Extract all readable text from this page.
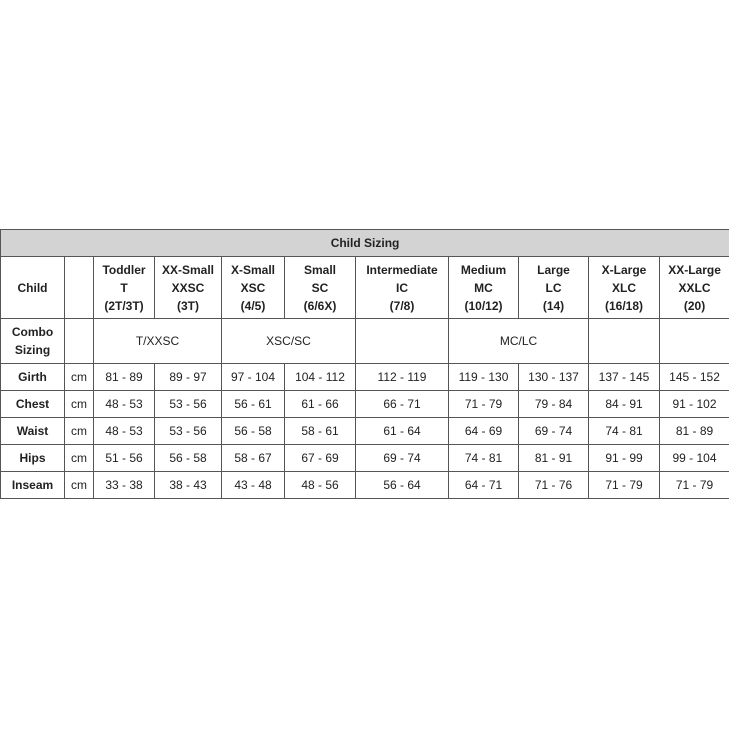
Child Sizing										
Child		Toddler
T
(2T/3T)	XX-Small
XXSC
(3T)	X-Small
XSC
(4/5)	Small
SC
(6/6X)	Intermediate
IC
(7/8)	Medium
MC
(10/12)	Large
LC
(14)	X-Large
XLC
(16/18)	XX-Large
XXLC
(20)

Combo
Sizing		T/XXSC		XSC/SC			MC/LC			
Girth	cm	81 - 89	89 - 97	97 - 104	104 - 112	112 - 119	119 - 130	130 - 137	137 - 145	145 - 152
Chest	cm	48 - 53	53 - 56	56 - 61	61 - 66	66 - 71	71 - 79	79 - 84	84 - 91	91 - 102
Waist	cm	48 - 53	53 - 56	56 - 58	58 - 61	61 - 64	64 - 69	69 - 74	74 - 81	81 - 89
Hips	cm	51 - 56	56 - 58	58 - 67	67 - 69	69 - 74	74 - 81	81 - 91	91 - 99	99 - 104
Inseam	cm	33 - 38	38 - 43	43 - 48	48 - 56	56 - 64	64 - 71	71 - 76	71 - 79	71 - 79
